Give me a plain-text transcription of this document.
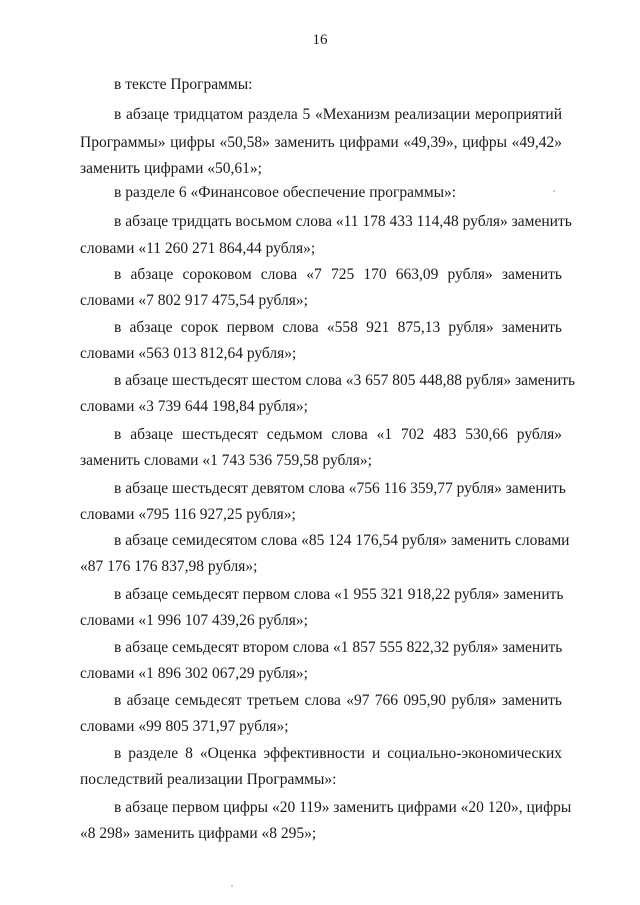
16
в тексте Программы:
в абзаце тридцатом раздела 5 «Механизм реализации мероприятий
Программы» цифры «50,58» заменить цифрами «49,39», цифры «49,42»
заменить цифрами «50,61»;
в разделе 6 «Финансовое обеспечение программы»:
в абзаце тридцать восьмом слова «11 178 433 114,48 рубля» заменить
словами «11 260 271 864,44 рубля»;
в абзаце сороковом слова «7 725 170 663,09 рубля» заменить
словами «7 802 917 475,54 рубля»;
в абзаце сорок первом слова «558 921 875,13 рубля» заменить
словами «563 013 812,64 рубля»;
в абзаце шестьдесят шестом слова «3 657 805 448,88 рубля» заменить
словами «3 739 644 198,84 рубля»;
в абзаце шестьдесят седьмом слова «1 702 483 530,66 рубля»
заменить словами «1 743 536 759,58 рубля»;
в абзаце шестьдесят девятом слова «756 116 359,77 рубля» заменить
словами «795 116 927,25 рубля»;
в абзаце семидесятом слова «85 124 176,54 рубля» заменить словами
«87 176 176 837,98 рубля»;
в абзаце семьдесят первом слова «1 955 321 918,22 рубля» заменить
словами «1 996 107 439,26 рубля»;
в абзаце семьдесят втором слова «1 857 555 822,32 рубля» заменить
словами «1 896 302 067,29 рубля»;
в абзаце семьдесят третьем слова «97 766 095,90 рубля» заменить
словами «99 805 371,97 рубля»;
в разделе 8 «Оценка эффективности и социально-экономических
последствий реализации Программы»:
в абзаце первом цифры «20 119» заменить цифрами «20 120», цифры
«8 298» заменить цифрами «8 295»;
